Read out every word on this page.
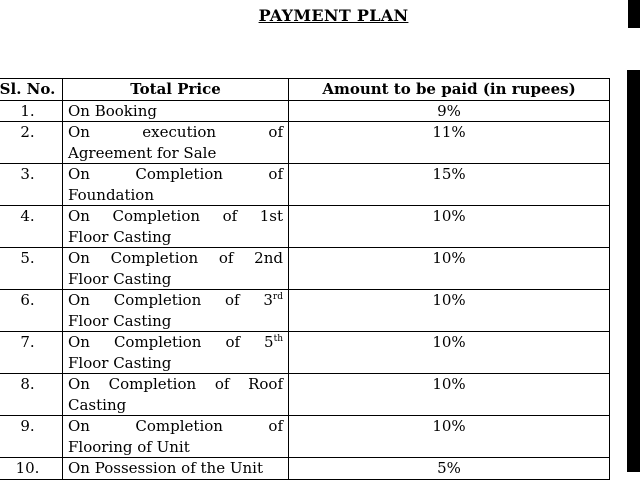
PAYMENT PLAN
Sl. No.	Total Price	Amount to be paid (in rupees)
1.	On Booking	9%
2.	On execution of
Agreement for Sale	11%
3.	On Completion of
Foundation	15%
4.	On Completion of 1st
Floor Casting	10%
5.	On Completion of 2nd
Floor Casting	10%
6.	On Completion of 3rd
Floor Casting	10%
7.	On Completion of 5th
Floor Casting	10%
8.	On Completion of Roof
Casting	10%
9.	On Completion of
Flooring of Unit	10%
10.	On Possession of the Unit	5%
